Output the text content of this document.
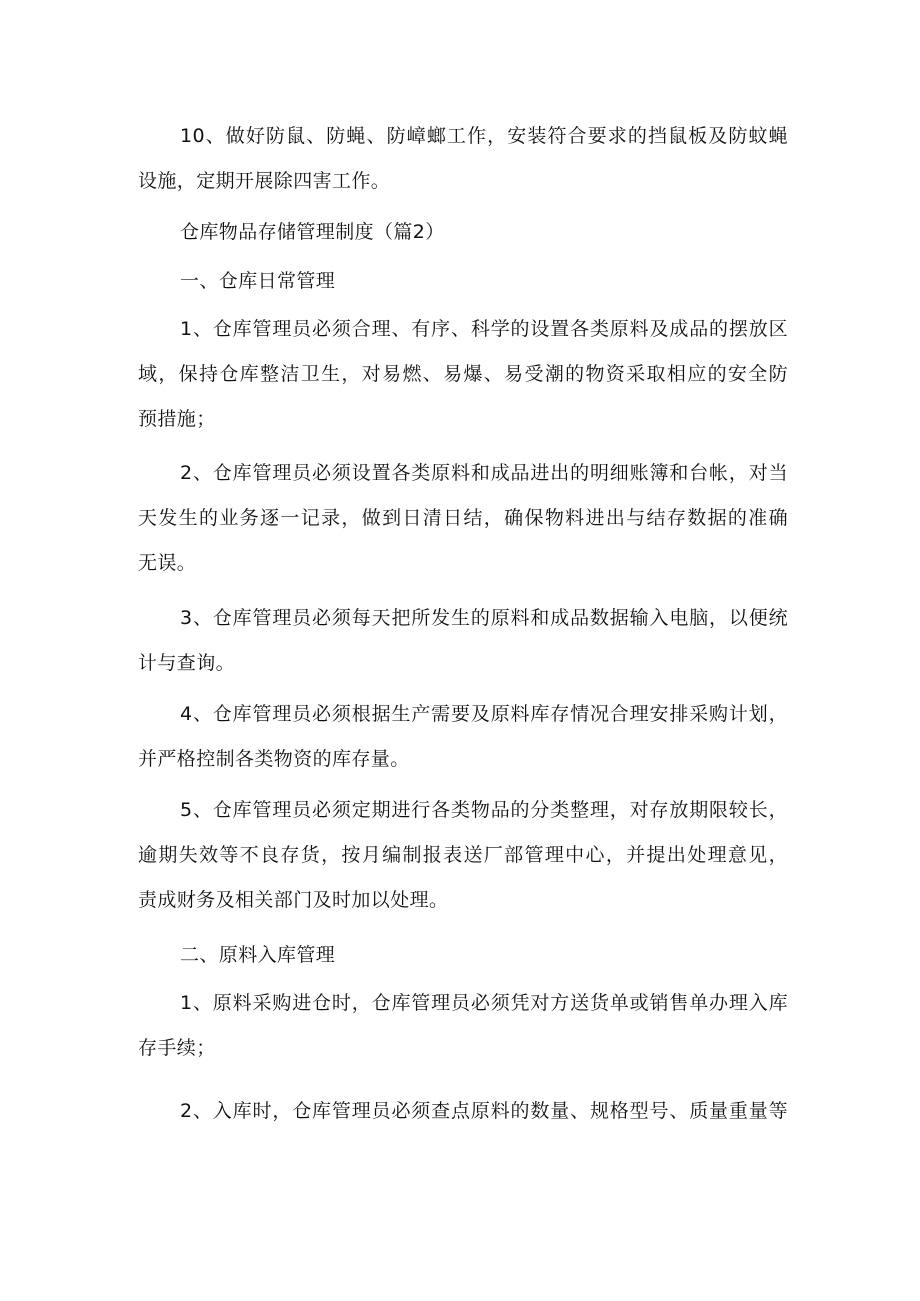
10、做好防鼠、防蝇、防嶂螂工作，安装符合要求的挡鼠板及防蚊蝇
设施，定期开展除四害工作。

仓库物品存储管理制度（篇2）

一、仓库日常管理

1、仓库管理员必须合理、有序、科学的设置各类原料及成品的摆放区
域，保持仓库整洁卫生，对易燃、易爆、易受潮的物资采取相应的安全防
预措施；

2、仓库管理员必须设置各类原料和成品进出的明细账簿和台帐，对当
天发生的业务逐一记录，做到日清日结，确保物料进出与结存数据的准确
无误。

3、仓库管理员必须每天把所发生的原料和成品数据输入电脑，以便统
计与查询。

4、仓库管理员必须根据生产需要及原料库存情况合理安排采购计划，
并严格控制各类物资的库存量。

5、仓库管理员必须定期进行各类物品的分类整理，对存放期限较长，
逾期失效等不良存货，按月编制报表送厂部管理中心，并提出处理意见，
责成财务及相关部门及时加以处理。

二、原料入库管理

1、原料采购进仓时，仓库管理员必须凭对方送货单或销售单办理入库
存手续；

2、入库时，仓库管理员必须查点原料的数量、规格型号、质量重量等
